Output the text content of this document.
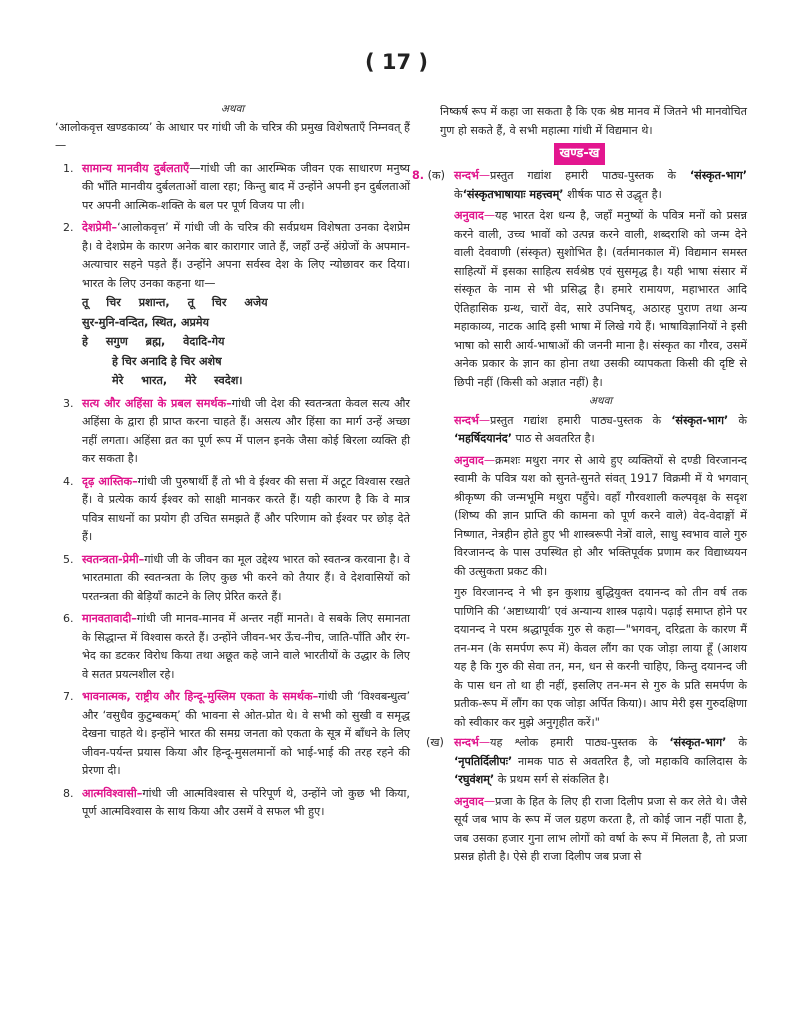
( 17 )
अथवा
‘आलोकवृत्त खण्डकाव्य’ के आधार पर गांधी जी के चरित्र की प्रमुख विशेषताएँ निम्नवत् हैं—
1. सामान्य मानवीय दुर्बलताएँ—गांधी जी का आरम्भिक जीवन एक साधारण मनुष्य की भाँति मानवीय दुर्बलताओं वाला रहा; किन्तु बाद में उन्होंने अपनी इन दुर्बलताओं पर अपनी आत्मिक-शक्ति के बल पर पूर्ण विजय पा ली।
2. देशप्रेमी–‘आलोकवृत्त’ में गांधी जी के चरित्र की सर्वप्रथम विशेषता उनका देशप्रेम है। वे देशप्रेम के कारण अनेक बार कारागार जाते हैं, जहाँ उन्हें अंग्रेजों के अपमान-अत्याचार सहने पड़ते हैं। उन्होंने अपना सर्वस्व देश के लिए न्योछावर कर दिया। भारत के लिए उनका कहना था—
तू चिर प्रशान्त, तू चिर अजेय
सुर-मुनि-वन्दित, स्थित, अप्रमेय
हे सगुण ब्रह्म, वेदादि-गेय
हे चिर अनादि हे चिर अशेष
मेरे भारत, मेरे स्वदेश।
3. सत्य और अहिंसा के प्रबल समर्थक–गांधी जी देश की स्वतन्त्रता केवल सत्य और अहिंसा के द्वारा ही प्राप्त करना चाहते हैं। असत्य और हिंसा का मार्ग उन्हें अच्छा नहीं लगता। अहिंसा व्रत का पूर्ण रूप में पालन इनके जैसा कोई बिरला व्यक्ति ही कर सकता है।
4. दृढ़ आस्तिक–गांधी जी पुरुषार्थी हैं तो भी वे ईश्वर की सत्ता में अटूट विश्वास रखते हैं। वे प्रत्येक कार्य ईश्वर को साक्षी मानकर करते हैं। यही कारण है कि वे मात्र पवित्र साधनों का प्रयोग ही उचित समझते हैं और परिणाम को ईश्वर पर छोड़ देते हैं।
5. स्वतन्त्रता-प्रेमी–गांधी जी के जीवन का मूल उद्देश्य भारत को स्वतन्त्र करवाना है। वे भारतमाता की स्वतन्त्रता के लिए कुछ भी करने को तैयार हैं। वे देशवासियों को परतन्त्रता की बेड़ियाँ काटने के लिए प्रेरित करते हैं।
6. मानवतावादी–गांधी जी मानव-मानव में अन्तर नहीं मानते। वे सबके लिए समानता के सिद्धान्त में विश्वास करते हैं। उन्होंने जीवन-भर ऊँच-नीच, जाति-पाँति और रंग-भेद का डटकर विरोध किया तथा अछूत कहे जाने वाले भारतीयों के उद्धार के लिए वे सतत प्रयत्नशील रहे।
7. भावनात्मक, राष्ट्रीय और हिन्दू-मुस्लिम एकता के समर्थक–गांधी जी ‘विश्वबन्धुत्व’ और ‘वसुधैव कुटुम्बकम्’ की भावना से ओत-प्रोत थे। वे सभी को सुखी व समृद्ध देखना चाहते थे। इन्होंने भारत की समग्र जनता को एकता के सूत्र में बाँधने के लिए जीवन-पर्यन्त प्रयास किया और हिन्दू-मुसलमानों को भाई-भाई की तरह रहने की प्रेरणा दी।
8. आत्मविश्वासी–गांधी जी आत्मविश्वास से परिपूर्ण थे, उन्होंने जो कुछ भी किया, पूर्ण आत्मविश्वास के साथ किया और उसमें वे सफल भी हुए।
निष्कर्ष रूप में कहा जा सकता है कि एक श्रेष्ठ मानव में जितने भी मानवोचित गुण हो सकते हैं, वे सभी महात्मा गांधी में विद्यमान थे।
खण्ड-ख
8. (क) सन्दर्भ—प्रस्तुत गद्यांश हमारी पाठ्य-पुस्तक के ‘संस्कृत-भाग’ के‘संस्कृतभाषायाः महत्त्वम्’ शीर्षक पाठ से उद्धृत है।
अनुवाद—यह भारत देश धन्य है, जहाँ मनुष्यों के पवित्र मनों को प्रसन्न करने वाली, उच्च भावों को उत्पन्न करने वाली, शब्दराशि को जन्म देने वाली देववाणी (संस्कृत) सुशोभित है। (वर्तमानकाल में) विद्यमान समस्त साहित्यों में इसका साहित्य सर्वश्रेष्ठ एवं सुसमृद्ध है। यही भाषा संसार में संस्कृत के नाम से भी प्रसिद्ध है। हमारे रामायण, महाभारत आदि ऐतिहासिक ग्रन्थ, चारों वेद, सारे उपनिषद्, अठारह पुराण तथा अन्य महाकाव्य, नाटक आदि इसी भाषा में लिखे गये हैं। भाषाविज्ञानियों ने इसी भाषा को सारी आर्य-भाषाओं की जननी माना है। संस्कृत का गौरव, उसमें अनेक प्रकार के ज्ञान का होना तथा उसकी व्यापकता किसी की दृष्टि से छिपी नहीं (किसी को अज्ञात नहीं) है।
अथवा
सन्दर्भ—प्रस्तुत गद्यांश हमारी पाठ्य-पुस्तक के ‘संस्कृत-भाग’ के ‘महर्षिदयानंद’ पाठ से अवतरित है।
अनुवाद—क्रमशः मथुरा नगर से आये हुए व्यक्तियों से दण्डी विरजानन्द स्वामी के पवित्र यश को सुनते-सुनते संवत् 1917 विक्रमी में ये भगवान् श्रीकृष्ण की जन्मभूमि मथुरा पहुँचे। वहाँ गौरवशाली कल्पवृक्ष के सदृश (शिष्य की ज्ञान प्राप्ति की कामना को पूर्ण करने वाले) वेद-वेदाङ्गों में निष्णात, नेत्रहीन होते हुए भी शास्त्ररूपी नेत्रों वाले, साधु स्वभाव वाले गुरु विरजानन्द के पास उपस्थित हो और भक्तिपूर्वक प्रणाम कर विद्याध्ययन की उत्सुकता प्रकट की।
गुरु विरजानन्द ने भी इन कुशाग्र बुद्धियुक्त दयानन्द को तीन वर्ष तक पाणिनि की ‘अष्टाध्यायी’ एवं अन्यान्य शास्त्र पढ़ाये। पढ़ाई समाप्त होने पर दयानन्द ने परम श्रद्धापूर्वक गुरु से कहा—"भगवन्, दरिद्रता के कारण मैं तन-मन (के समर्पण रूप में) केवल लौंग का एक जोड़ा लाया हूँ (आशय यह है कि गुरु की सेवा तन, मन, धन से करनी चाहिए, किन्तु दयानन्द जी के पास धन तो था ही नहीं, इसलिए तन-मन से गुरु के प्रति समर्पण के प्रतीक-रूप में लौंग का एक जोड़ा अर्पित किया)। आप मेरी इस गुरुदक्षिणा को स्वीकार कर मुझे अनुगृहीत करें।"
(ख) सन्दर्भ—यह श्लोक हमारी पाठ्य-पुस्तक के ‘संस्कृत-भाग’ के ‘नृपतिर्दिलीपः’ नामक पाठ से अवतरित है, जो महाकवि कालिदास के ‘रघुवंशम्’ के प्रथम सर्ग से संकलित है।
अनुवाद—प्रजा के हित के लिए ही राजा दिलीप प्रजा से कर लेते थे। जैसे सूर्य जब भाप के रूप में जल ग्रहण करता है, तो कोई जान नहीं पाता है, जब उसका हजार गुना लाभ लोगों को वर्षा के रूप में मिलता है, तो प्रजा प्रसन्न होती है। ऐसे ही राजा दिलीप जब प्रजा से
